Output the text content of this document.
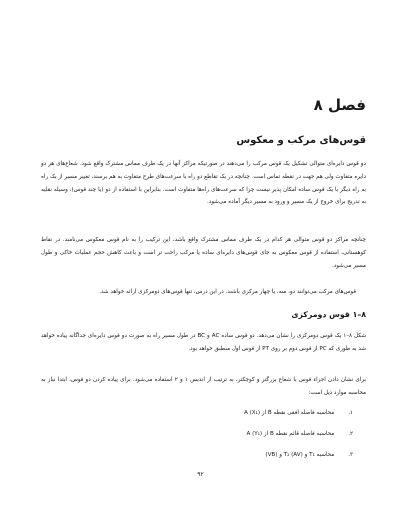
فصل ۸
قوس‌های مرکب و معکوس

دو قوس دایره‌ای متوالی تشکیل یک قوس مرکب را می‌دهند در صورتیکه مراکز آنها در یک طرف مماس مشترک واقع شود. شعاع‌های هر دو دایره متفاوت ولی هم جهت در نقطه تماس است. چنانچه در یک تقاطع دو راه با سرعت‌های طرح متفاوت به هم برسند، تغییر مسیر از یک راه به راه دیگر با یک قوس ساده امکان پذیر نیست چرا که سرعت‌های راه‌ها متفاوت است. بنابراین با استفاده از دو (یا چند قوس)، وسیله نقلیه به تدریج برای خروج از یک مسیر و ورود به مسیر دیگر آماده می‌شود.

چنانچه مراکز دو قوس متوالی هر کدام در یک طرف مماس مشترک واقع باشد، این ترکیب را به نام قوس معکوس می‌نامند. در نقاط کوهستانی، استفاده از قوس معکوس به جای قوس‌های دایره‌ای ساده یا مرکب راحت تر است و باعث کاهش حجم عملیات خاکی و طول مسیر می‌شود.

قوس‌های مرکب می‌توانند دو، سه، یا چهار مرکزی باشند. در این درس، تنها قوس‌های دومرکزی ارائه خواهد شد.

۸–۱ قوس دومرکزی

شکل ۸–۱ یک قوس دومرکزی را نشان می‌دهد. دو قوس ساده AC و BC در طول مسیر راه به صورت دو قوس دایره‌ای جداگانه پیاده خواهد شد به طوری که PC از قوس دوم بر روی PT از قوس اول منطبق خواهد بود.

برای نشان دادن اجزاء قوس با شعاع بزرگتر و کوچکتر، به ترتیب از اندیس ۱ و ۲ استفاده می‌شود. برای پیاده کردن دو قوس، ابتدا نیاز به محاسبه موارد ذیل است:

۱.محاسبه فاصله افقی نقطه B از A (X₁)
۲.محاسبه فاصله قائم نقطه B از A (Y₁)
۳.محاسبه T₁ و T₂ (AV) و (VB)
۹۲
